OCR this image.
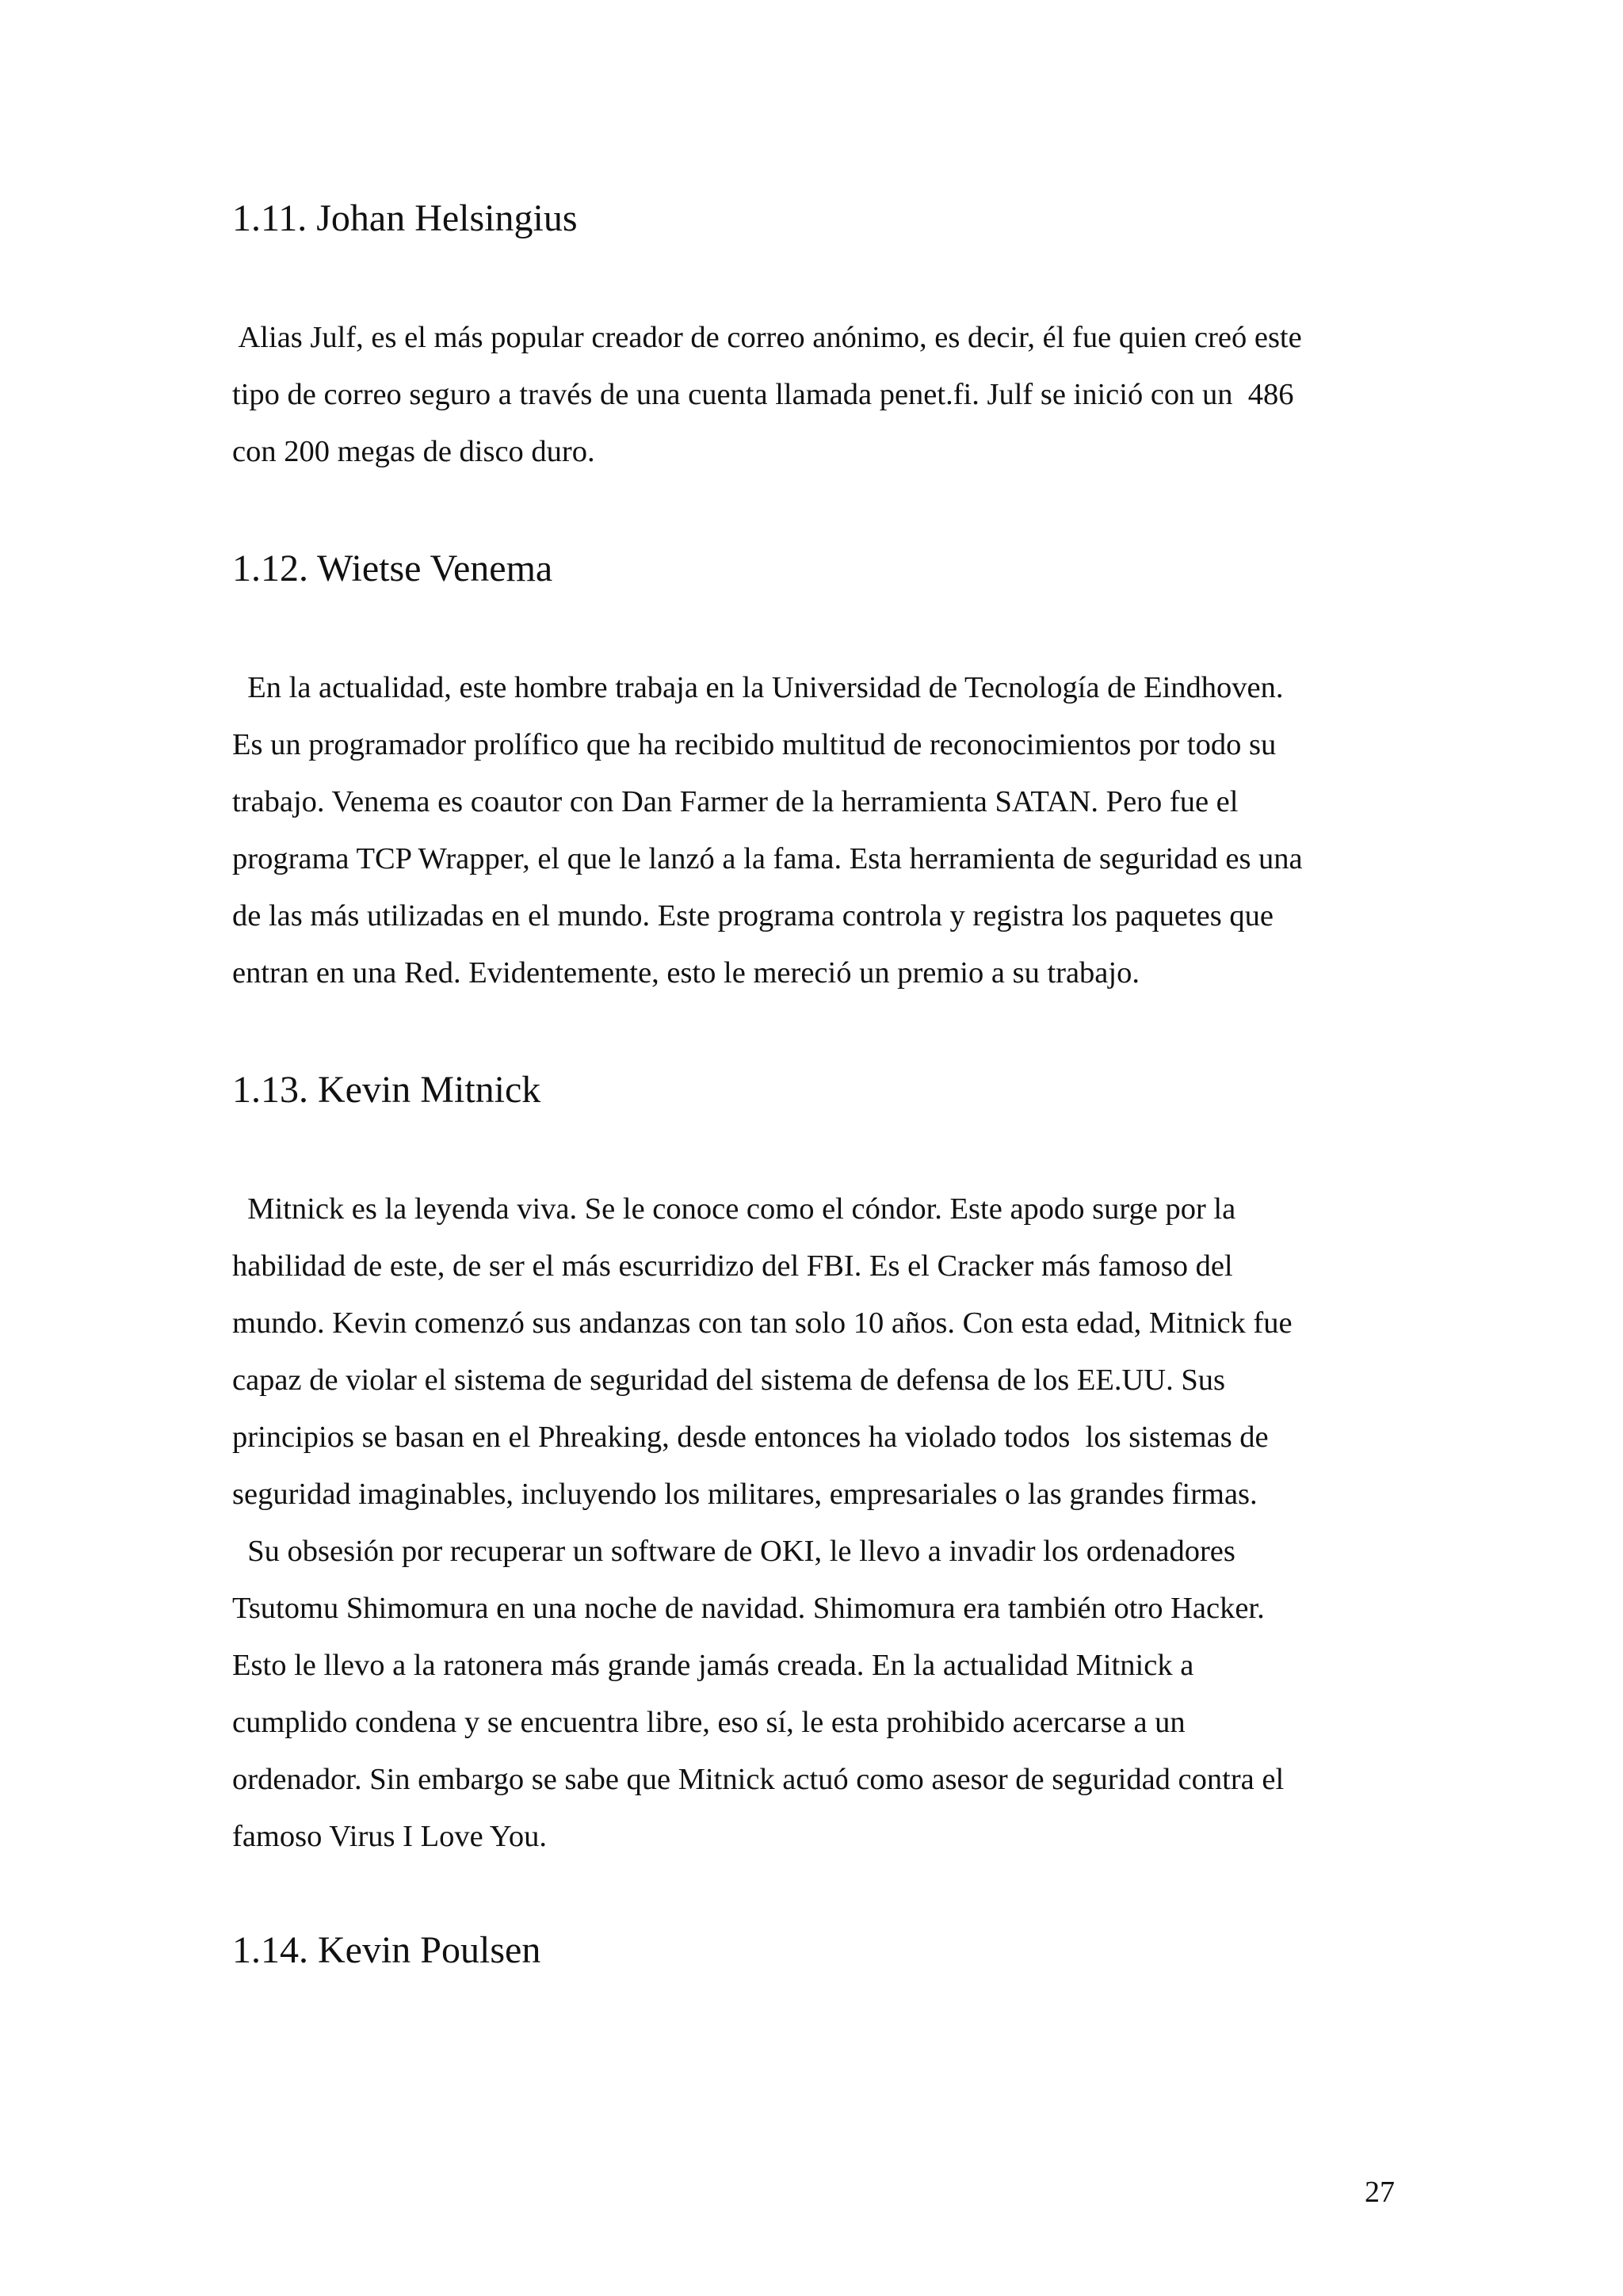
1.11. Johan Helsingius

Alias Julf, es el más popular creador de correo anónimo, es decir, él fue quien creó este

tipo de correo seguro a través de una cuenta llamada penet.fi. Julf se inició con un  486

con 200 megas de disco duro.

1.12. Wietse Venema

En la actualidad, este hombre trabaja en la Universidad de Tecnología de Eindhoven.

Es un programador prolífico que ha recibido multitud de reconocimientos por todo su

trabajo. Venema es coautor con Dan Farmer de la herramienta SATAN. Pero fue el

programa TCP Wrapper, el que le lanzó a la fama. Esta herramienta de seguridad es una

de las más utilizadas en el mundo. Este programa controla y registra los paquetes que

entran en una Red. Evidentemente, esto le mereció un premio a su trabajo.

1.13. Kevin Mitnick

Mitnick es la leyenda viva. Se le conoce como el cóndor. Este apodo surge por la

habilidad de este, de ser el más escurridizo del FBI. Es el Cracker más famoso del

mundo. Kevin comenzó sus andanzas con tan solo 10 años. Con esta edad, Mitnick fue

capaz de violar el sistema de seguridad del sistema de defensa de los EE.UU. Sus

principios se basan en el Phreaking, desde entonces ha violado todos  los sistemas de

seguridad imaginables, incluyendo los militares, empresariales o las grandes firmas.

Su obsesión por recuperar un software de OKI, le llevo a invadir los ordenadores

Tsutomu Shimomura en una noche de navidad. Shimomura era también otro Hacker.

Esto le llevo a la ratonera más grande jamás creada. En la actualidad Mitnick a

cumplido condena y se encuentra libre, eso sí, le esta prohibido acercarse a un

ordenador. Sin embargo se sabe que Mitnick actuó como asesor de seguridad contra el

famoso Virus I Love You.

1.14. Kevin Poulsen

27
